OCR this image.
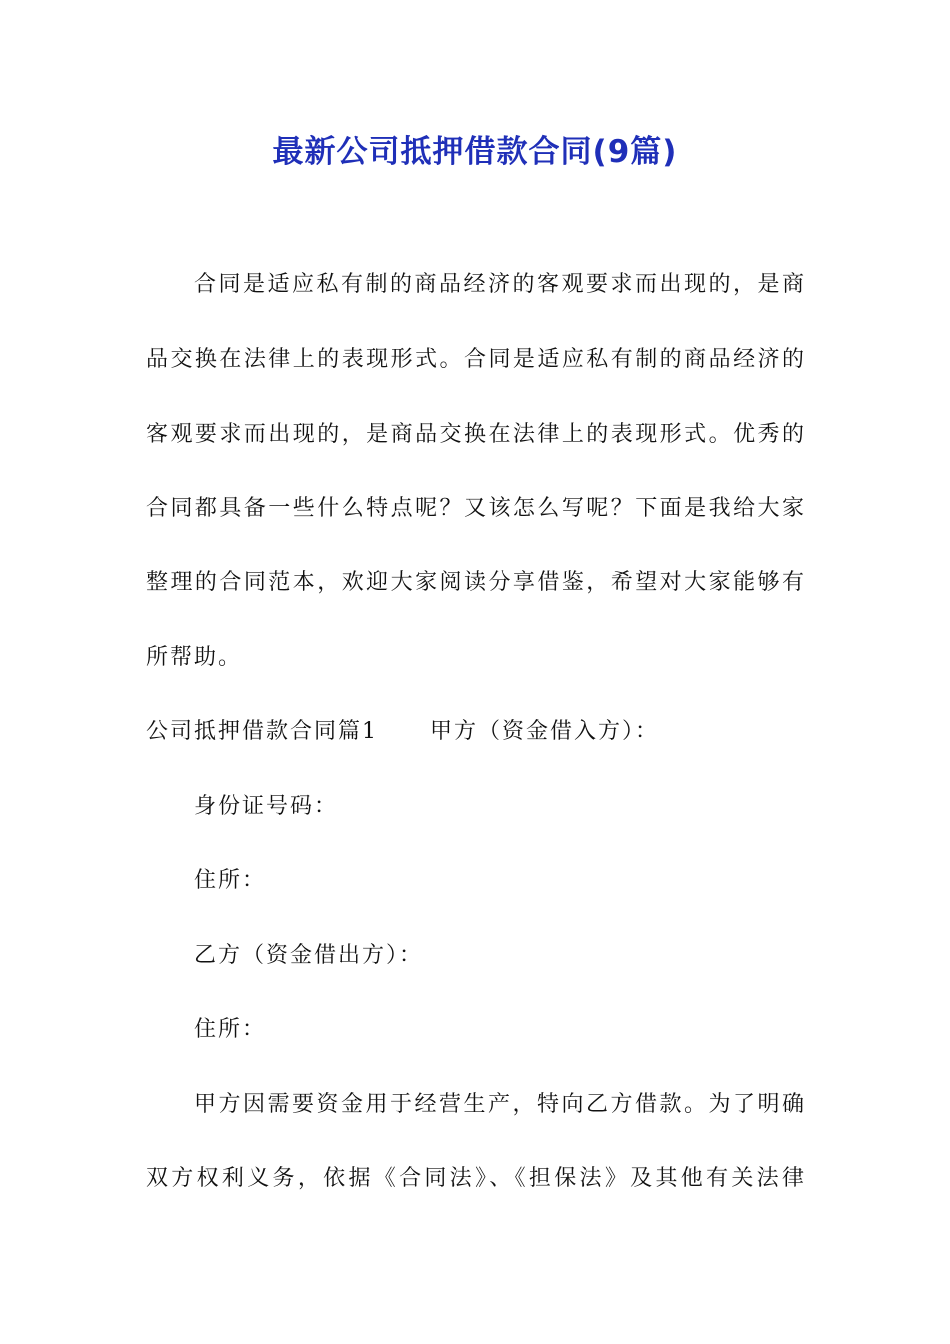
最新公司抵押借款合同(9篇)
合同是适应私有制的商品经济的客观要求而出现的，是商
品交换在法律上的表现形式。合同是适应私有制的商品经济的
客观要求而出现的，是商品交换在法律上的表现形式。优秀的
合同都具备一些什么特点呢？又该怎么写呢？下面是我给大家
整理的合同范本，欢迎大家阅读分享借鉴，希望对大家能够有
所帮助。
公司抵押借款合同篇1 甲方（资金借入方）：
身份证号码：
住所：
乙方（资金借出方）：
住所：
甲方因需要资金用于经营生产，特向乙方借款。为了明确
双方权利义务，依据《合同法》、《担保法》及其他有关法律
